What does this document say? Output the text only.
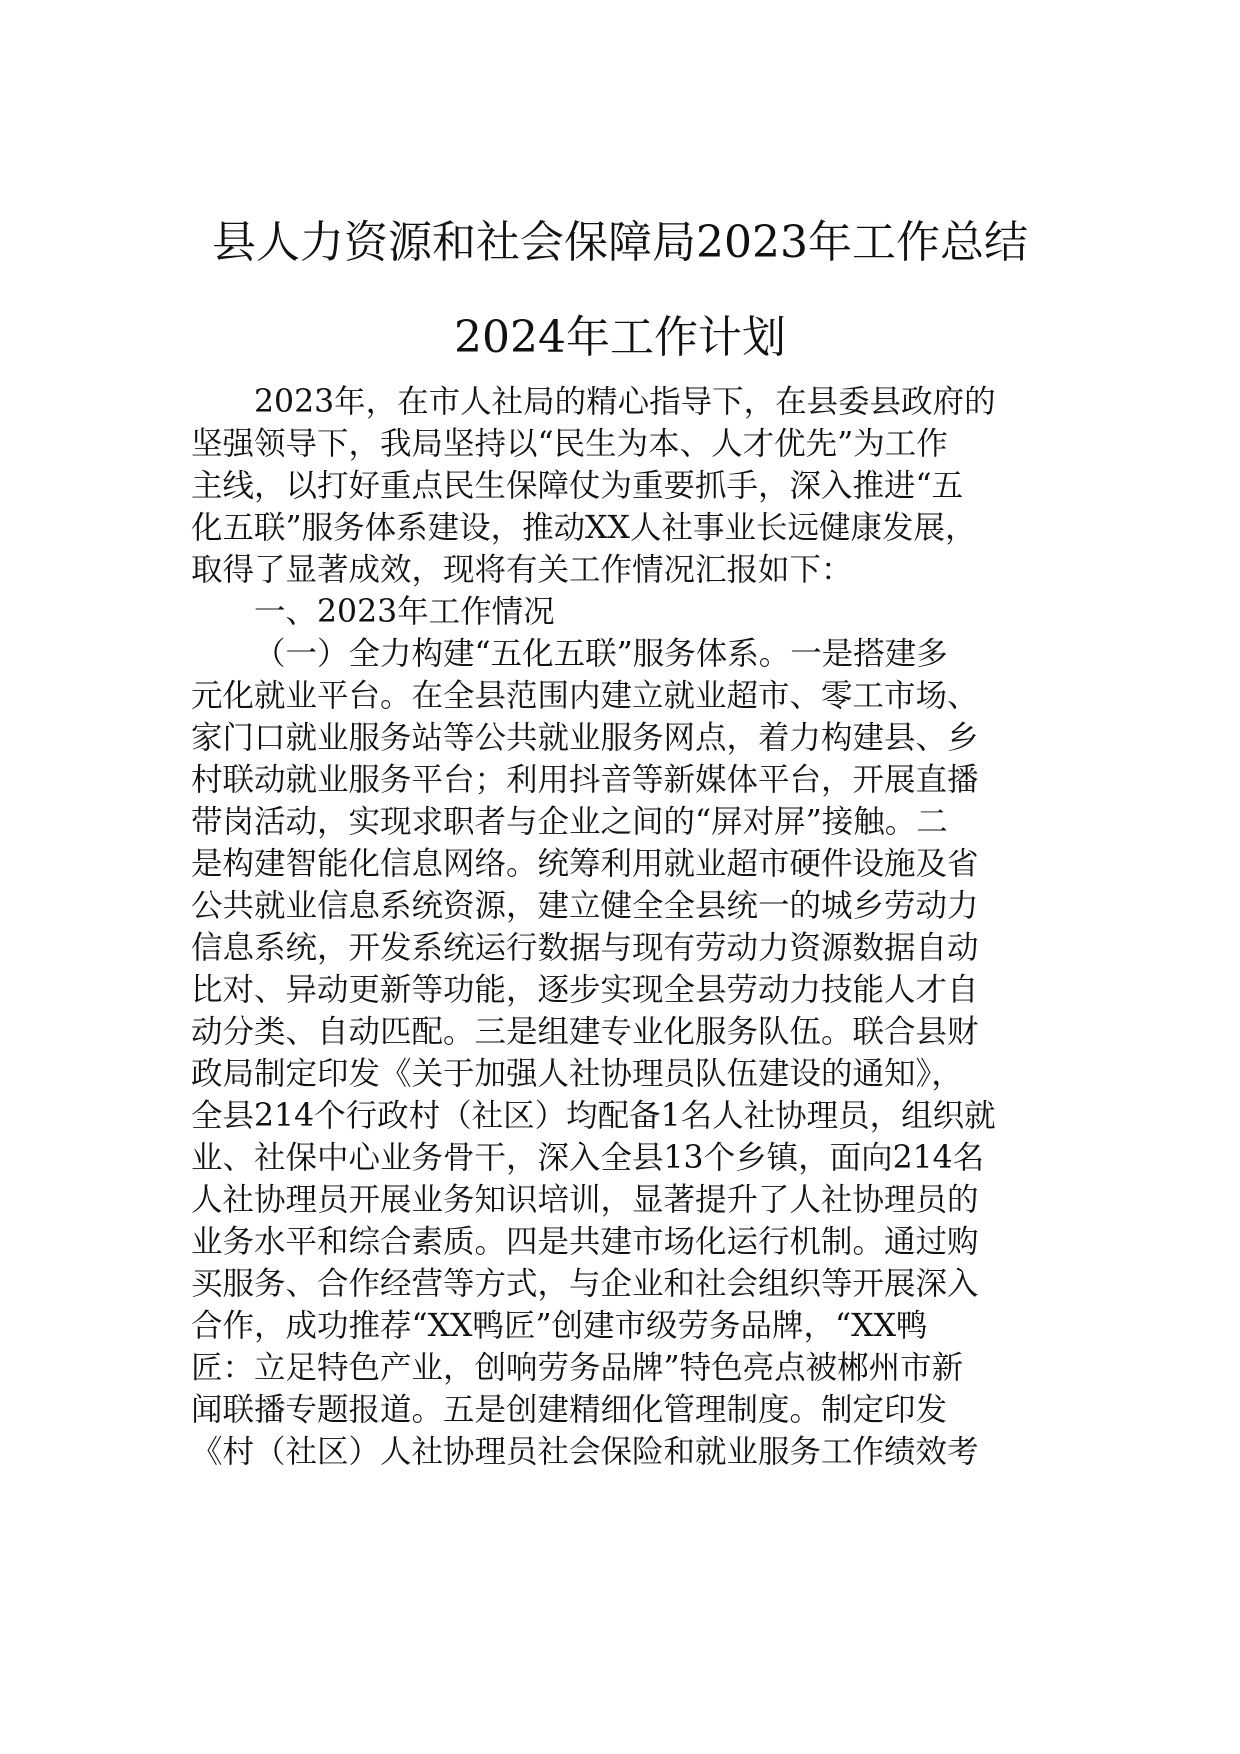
县人力资源和社会保障局2023年工作总结
2024年工作计划
2023年，在市人社局的精心指导下，在县委县政府的
坚强领导下，我局坚持以“民生为本、人才优先”为工作
主线，以打好重点民生保障仗为重要抓手，深入推进“五
化五联”服务体系建设，推动XX人社事业长远健康发展，
取得了显著成效，现将有关工作情况汇报如下：
一、2023年工作情况
（一）全力构建“五化五联”服务体系。一是搭建多
元化就业平台。在全县范围内建立就业超市、零工市场、
家门口就业服务站等公共就业服务网点，着力构建县、乡
村联动就业服务平台；利用抖音等新媒体平台，开展直播
带岗活动，实现求职者与企业之间的“屏对屏”接触。二
是构建智能化信息网络。统筹利用就业超市硬件设施及省
公共就业信息系统资源，建立健全全县统一的城乡劳动力
信息系统，开发系统运行数据与现有劳动力资源数据自动
比对、异动更新等功能，逐步实现全县劳动力技能人才自
动分类、自动匹配。三是组建专业化服务队伍。联合县财
政局制定印发《关于加强人社协理员队伍建设的通知》，
全县214个行政村（社区）均配备1名人社协理员，组织就
业、社保中心业务骨干，深入全县13个乡镇，面向214名
人社协理员开展业务知识培训，显著提升了人社协理员的
业务水平和综合素质。四是共建市场化运行机制。通过购
买服务、合作经营等方式，与企业和社会组织等开展深入
合作，成功推荐“XX鸭匠”创建市级劳务品牌，“XX鸭
匠：立足特色产业，创响劳务品牌”特色亮点被郴州市新
闻联播专题报道。五是创建精细化管理制度。制定印发
《村（社区）人社协理员社会保险和就业服务工作绩效考
